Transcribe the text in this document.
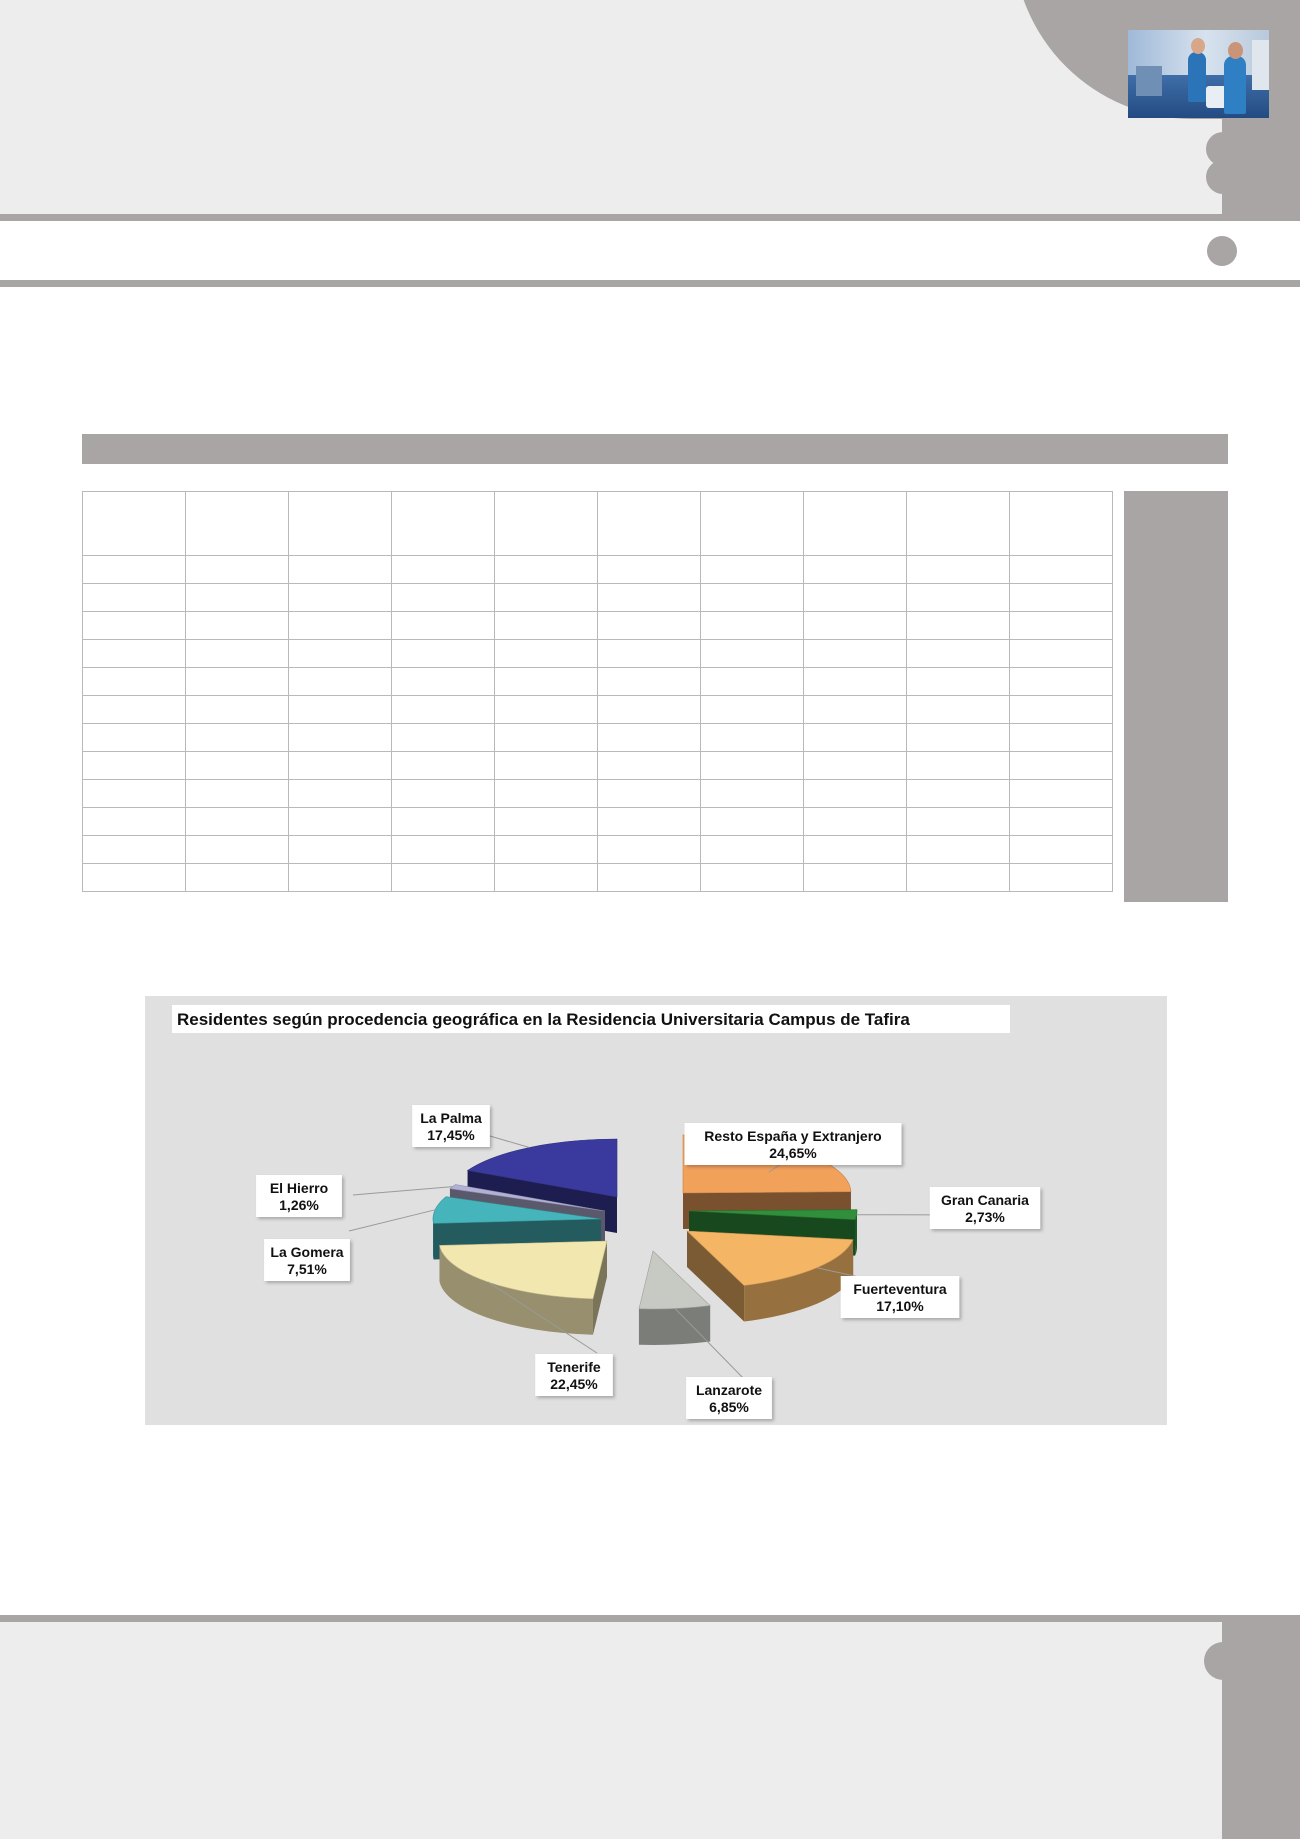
Residentes según procedencia geográfica en la Residencia Universitaria Campus de Tafira
Resto España y Extranjero
24,65%
Gran Canaria
2,73%
Fuerteventura
17,10%
Lanzarote
6,85%
Tenerife
22,45%
La Gomera
7,51%
El Hierro
1,26%
La Palma
17,45%
